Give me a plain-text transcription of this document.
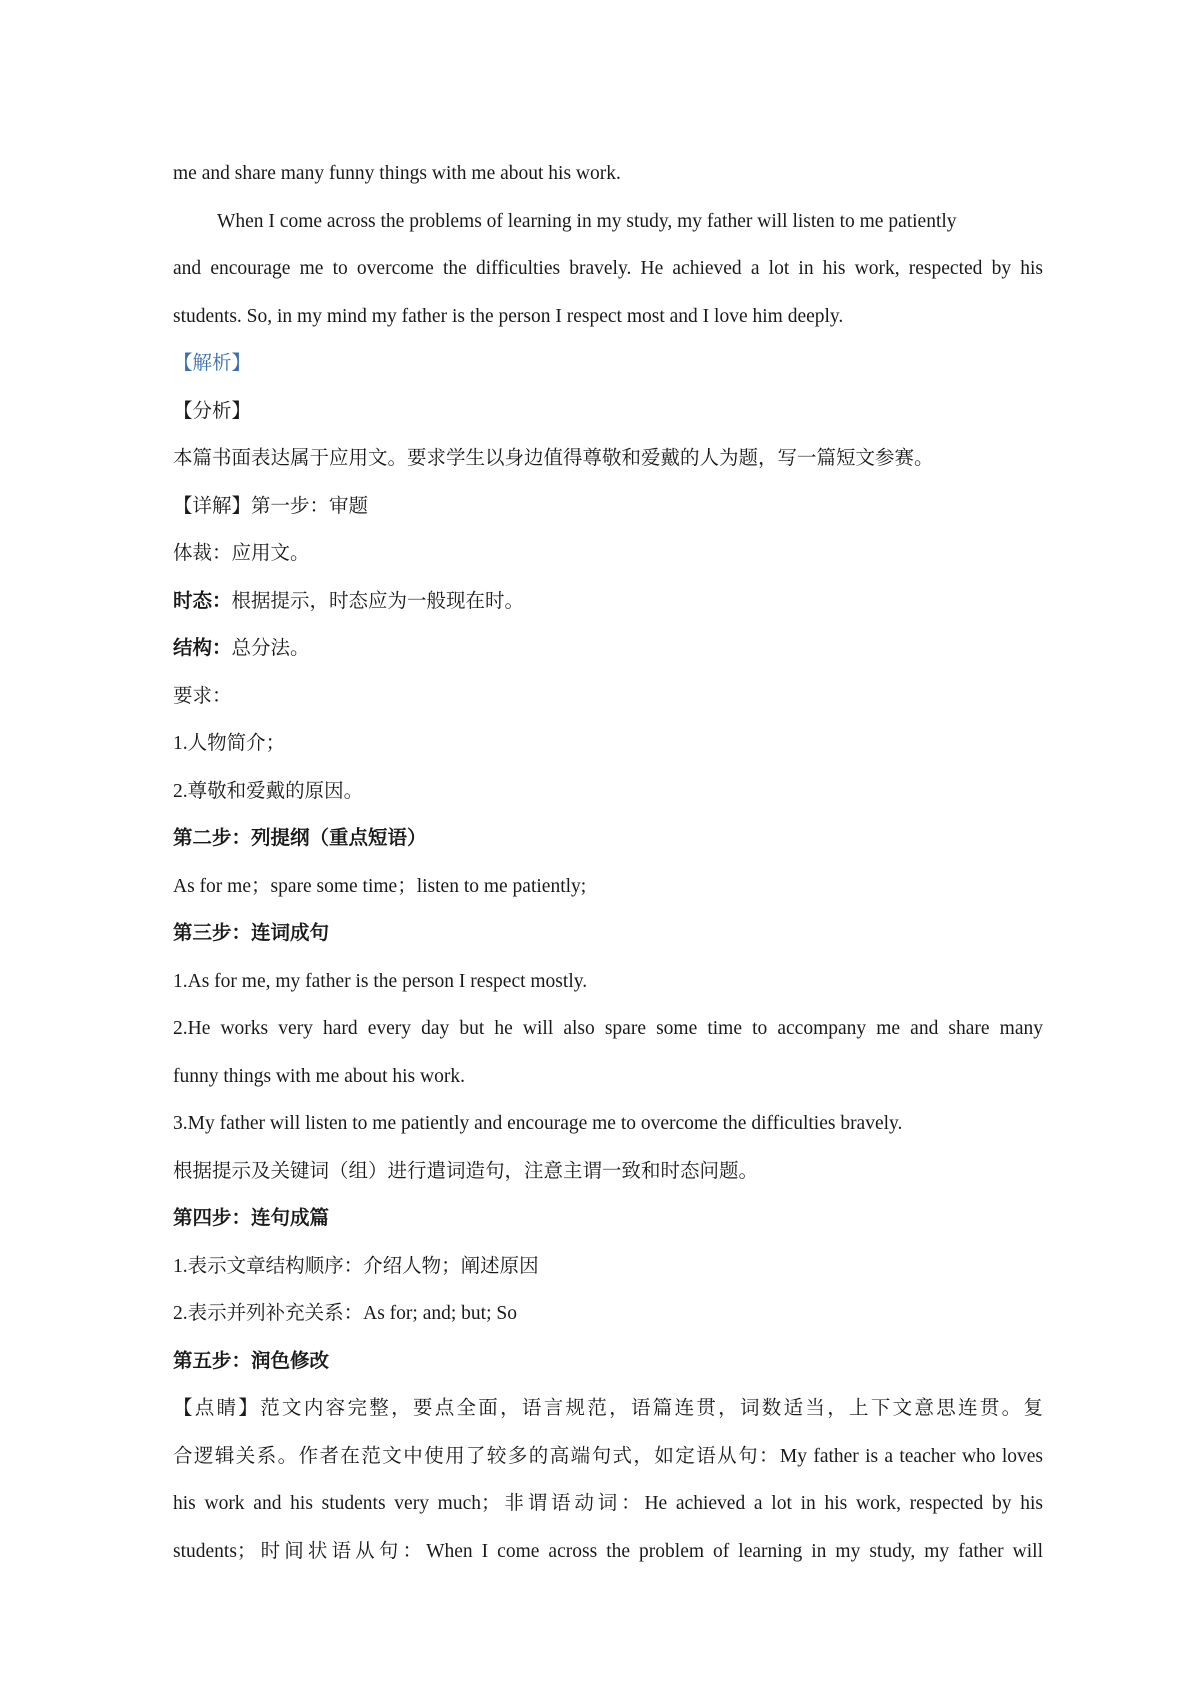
me and share many funny things with me about his work.
When I come across the problems of learning in my study, my father will listen to me patiently
and encourage me to overcome the difficulties bravely. He achieved a lot in his work, respected by his
students. So, in my mind my father is the person I respect most and I love him deeply.
【解析】
【分析】
本篇书面表达属于应用文。要求学生以身边值得尊敬和爱戴的人为题，写一篇短文参赛。
【详解】第一步：审题
体裁：应用文。
时态：根据提示，时态应为一般现在时。
结构：总分法。
要求：
1.人物简介；
2.尊敬和爱戴的原因。
第二步：列提纲（重点短语）
As for me；spare some time；listen to me patiently;
第三步：连词成句
1.As for me, my father is the person I respect mostly.
2.He works very hard every day but he will also spare some time to accompany me and share many
funny things with me about his work.
3.My father will listen to me patiently and encourage me to overcome the difficulties bravely.
根据提示及关键词（组）进行遣词造句，注意主谓一致和时态问题。
第四步：连句成篇
1.表示文章结构顺序：介绍人物；阐述原因
2.表示并列补充关系：As for; and; but; So
第五步：润色修改
【点睛】范文内容完整，要点全面，语言规范，语篇连贯，词数适当，上下文意思连贯。复
合逻辑关系。作者在范文中使用了较多的高端句式，如定语从句：My father is a teacher who loves
his work and his students very much；非谓语动词：He achieved a lot in his work, respected by his
students；时间状语从句：When I come across the problem of learning in my study, my father will
